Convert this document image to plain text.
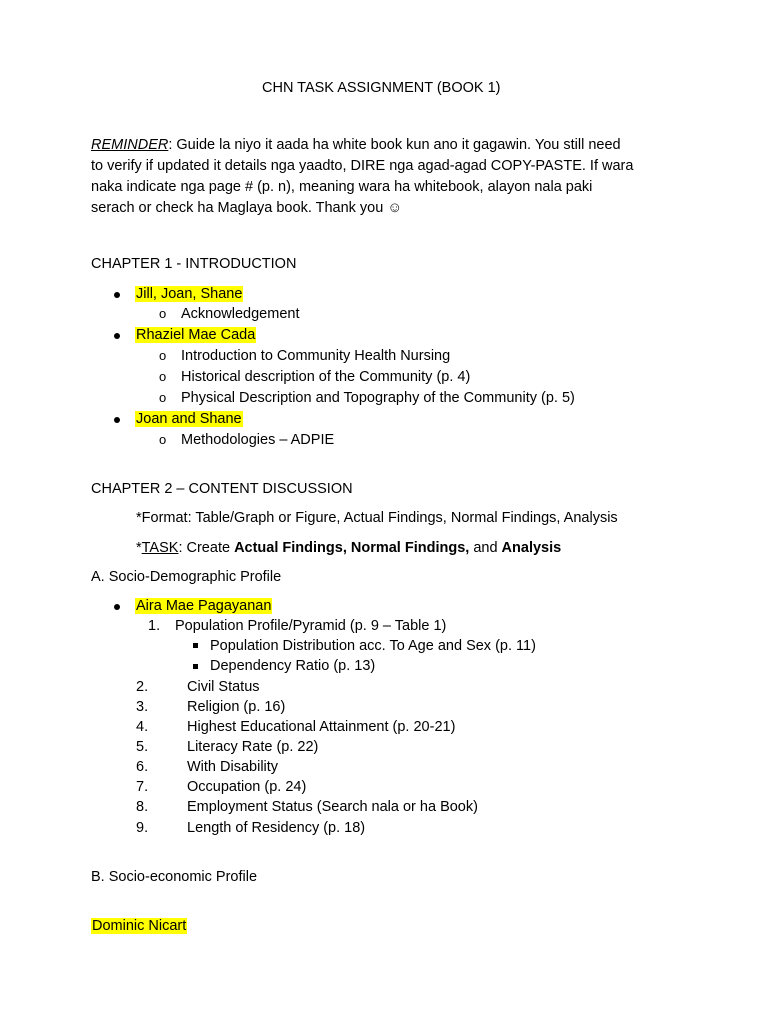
CHN TASK ASSIGNMENT (BOOK 1)
REMINDER: Guide la niyo it aada ha white book kun ano it gagawin. You still need
to verify if updated it details nga yaadto, DIRE nga agad-agad COPY-PASTE. If wara
naka indicate nga page # (p. n), meaning wara ha whitebook, alayon nala paki
serach or check ha Maglaya book. Thank you ☺
CHAPTER 1 - INTRODUCTION
Jill, Joan, Shane
o Acknowledgement
Rhaziel Mae Cada
o Introduction to Community Health Nursing
o Historical description of the Community (p. 4)
o Physical Description and Topography of the Community (p. 5)
Joan and Shane
o Methodologies – ADPIE
CHAPTER 2 – CONTENT DISCUSSION
*Format: Table/Graph or Figure, Actual Findings, Normal Findings, Analysis
*TASK: Create Actual Findings, Normal Findings, and Analysis
A. Socio-Demographic Profile
Aira Mae Pagayanan
1. Population Profile/Pyramid (p. 9 – Table 1)
Population Distribution acc. To Age and Sex (p. 11)
Dependency Ratio (p. 13)
2.	Civil Status
3.	Religion (p. 16)
4.	Highest Educational Attainment (p. 20-21)
5.	Literacy Rate (p. 22)
6.	With Disability
7.	Occupation (p. 24)
8.	Employment Status (Search nala or ha Book)
9.	Length of Residency (p. 18)
B. Socio-economic Profile
Dominic Nicart
